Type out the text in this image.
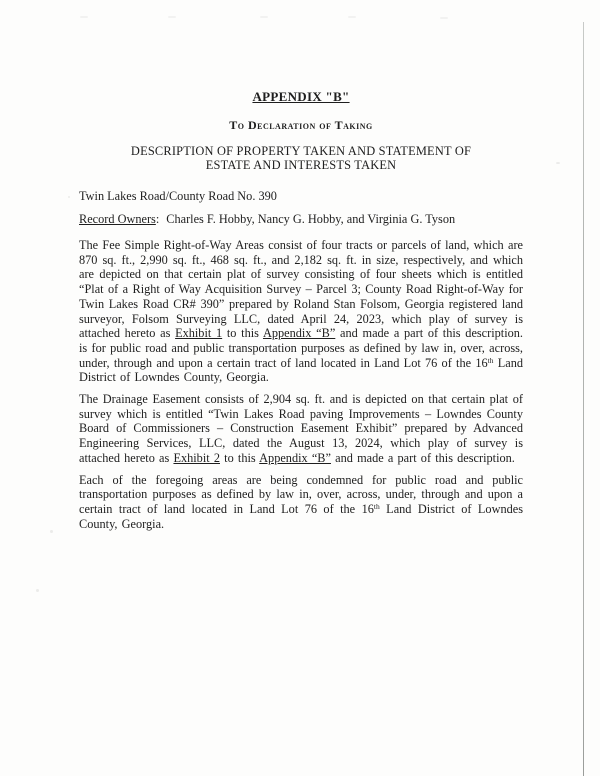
APPENDIX "B"
To Declaration of Taking
DESCRIPTION OF PROPERTY TAKEN AND STATEMENT OF
ESTATE AND INTERESTS TAKEN

Twin Lakes Road/County Road No. 390

Record Owners: Charles F. Hobby, Nancy G. Hobby, and Virginia G. Tyson

The Fee Simple Right-of-Way Areas consist of four tracts or parcels of land, which are 870 sq. ft., 2,990 sq. ft., 468 sq. ft., and 2,182 sq. ft. in size, respectively, and which are depicted on that certain plat of survey consisting of four sheets which is entitled “Plat of a Right of Way Acquisition Survey – Parcel 3; County Road Right-of-Way for Twin Lakes Road CR# 390” prepared by Roland Stan Folsom, Georgia registered land surveyor, Folsom Surveying LLC, dated April 24, 2023, which play of survey is attached hereto as Exhibit 1 to this Appendix “B” and made a part of this description. is for public road and public transportation purposes as defined by law in, over, across, under, through and upon a certain tract of land located in Land Lot 76 of the 16th Land District of Lowndes County, Georgia.

The Drainage Easement consists of 2,904 sq. ft. and is depicted on that certain plat of survey which is entitled “Twin Lakes Road paving Improvements – Lowndes County Board of Commissioners – Construction Easement Exhibit” prepared by Advanced Engineering Services, LLC, dated the August 13, 2024, which play of survey is attached hereto as Exhibit 2 to this Appendix “B” and made a part of this description.

Each of the foregoing areas are being condemned for public road and public transportation purposes as defined by law in, over, across, under, through and upon a certain tract of land located in Land Lot 76 of the 16th Land District of Lowndes County, Georgia.
